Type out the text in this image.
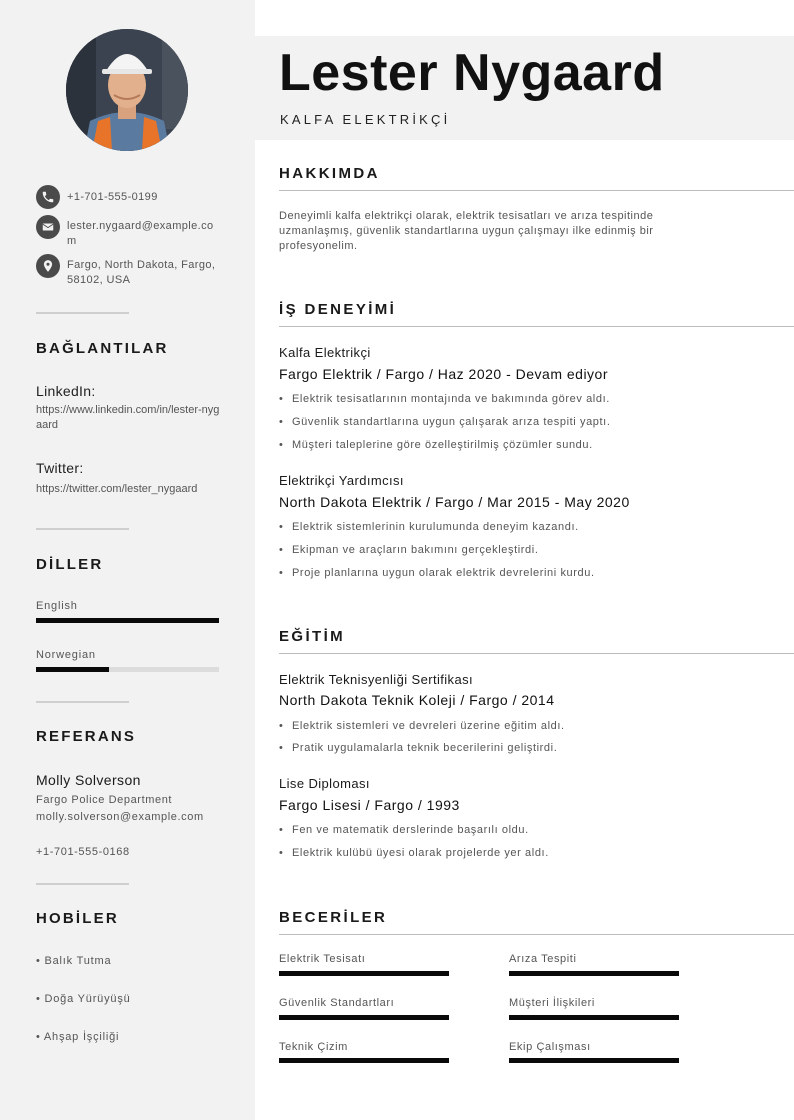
+1-701-555-0199
lester.nygaard@example.com
Fargo, North Dakota, Fargo, 58102, USA
BAĞLANTILAR
LinkedIn:
https://www.linkedin.com/in/lester-nygaard
Twitter:
https://twitter.com/lester_nygaard
DİLLER
English
Norwegian
REFERANS
Molly Solverson
Fargo Police Department
molly.solverson@example.com
+1-701-555-0168
HOBİLER
• Balık Tutma
• Doğa Yürüyüşü
• Ahşap İşçiliği
Lester Nygaard
KALFA ELEKTRİKÇİ
HAKKIMDA
Deneyimli kalfa elektrikçi olarak, elektrik tesisatları ve arıza tespitinde uzmanlaşmış, güvenlik standartlarına uygun çalışmayı ilke edinmiş bir profesyonelim.
İŞ DENEYİMİ
Kalfa Elektrikçi
Fargo Elektrik / Fargo / Haz 2020 - Devam ediyor
• Elektrik tesisatlarının montajında ve bakımında görev aldı.
• Güvenlik standartlarına uygun çalışarak arıza tespiti yaptı.
• Müşteri taleplerine göre özelleştirilmiş çözümler sundu.
Elektrikçi Yardımcısı
North Dakota Elektrik / Fargo / Mar 2015 - May 2020
• Elektrik sistemlerinin kurulumunda deneyim kazandı.
• Ekipman ve araçların bakımını gerçekleştirdi.
• Proje planlarına uygun olarak elektrik devrelerini kurdu.
EĞİTİM
Elektrik Teknisyenliği Sertifikası
North Dakota Teknik Koleji / Fargo / 2014
• Elektrik sistemleri ve devreleri üzerine eğitim aldı.
• Pratik uygulamalarla teknik becerilerini geliştirdi.
Lise Diploması
Fargo Lisesi / Fargo / 1993
• Fen ve matematik derslerinde başarılı oldu.
• Elektrik kulübü üyesi olarak projelerde yer aldı.
BECERİLER
Elektrik Tesisatı	Arıza Tespiti
Güvenlik Standartları	Müşteri İlişkileri
Teknik Çizim	Ekip Çalışması
